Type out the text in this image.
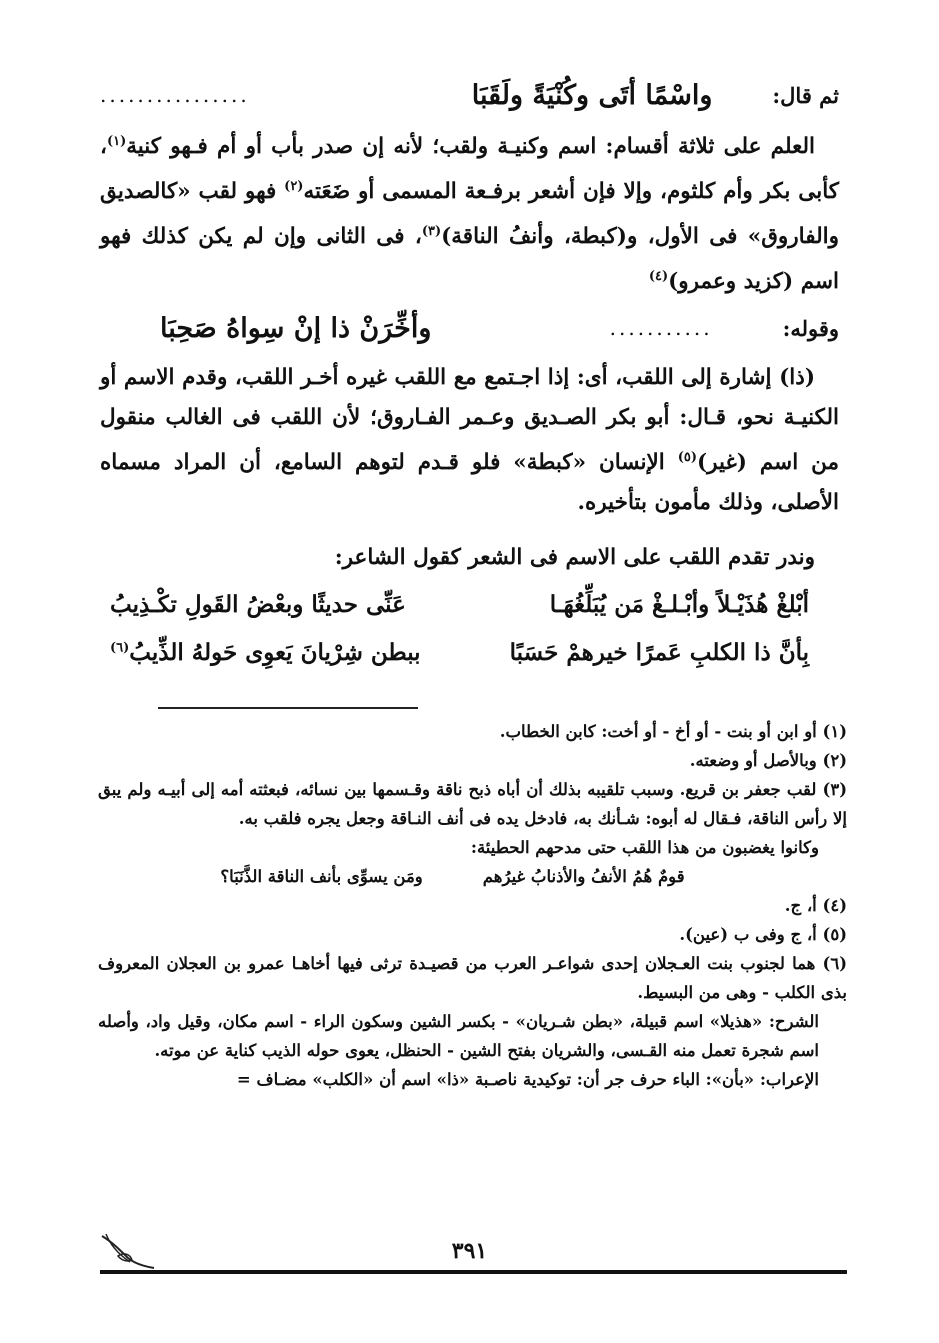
ثم قال:
واسْمًا أتَى وكُنْيَةً ولَقَبَا
................
العلم على ثلاثة أقسام: اسم وكنيـة ولقب؛ لأنه إن صدر بأب أو أم فـهو كنية$^{(١)}$، كأبى بكر وأم كلثوم، وإلا فإن أشعر برفـعة المسمى أو ضَعَته$^{(٢)}$ فهو لقب «كالصديق والفاروق» فى الأول، و(كبطة، وأنفُ الناقة)$^{(٣)}$، فى الثانى وإن لم يكن كذلك فهو اسم (كزيد وعمرو)$^{(٤)}$
وقوله:
...........
وأخِّرَنْ ذا إنْ سِواهُ صَحِبَا
(ذا) إشارة إلى اللقب، أى: إذا اجـتمع مع اللقب غيره أخـر اللقب، وقدم الاسم أو الكنيـة نحو، قـال: أبو بكر الصـديق وعـمر الفـاروق؛ لأن اللقب فى الغالب منقول من اسم (غير)$^{(٥)}$ الإنسان «كبطة» فلو قـدم لتوهم السامع، أن المراد مسماه الأصلى، وذلك مأمون بتأخيره.
وندر تقدم اللقب على الاسم فى الشعر كقول الشاعر:
أبْلغْ هُذَيْـلاً وأبْـلـغْ مَن يُبَلِّغُهَـا
عَنِّى حديثًا وبعْضُ القَولِ تكْـذِيبُ
بِأنَّ ذا الكلبِ عَمرًا خيرهمْ حَسَبًا
ببطن شِرْيانَ يَعوِى حَولهُ الذِّيبُ$^{(٦)}$
(١) أو ابن أو بنت - أو أخ - أو أخت: كابن الخطاب.
(٢) وبالأصل أو وضعته.
(٣) لقب جعفر بن قريع. وسبب تلقيبه بذلك أن أباه ذبح ناقة وقـسمها بين نسائه، فبعثته أمه إلى أبيـه ولم يبق إلا رأس الناقة، فـقال له أبوه: شـأنك به، فادخل يده فى أنف النـاقة وجعل يجره فلقب به.
وكانوا يغضبون من هذا اللقب حتى مدحهم الحطيئة:
قومٌ هُمُ الأنفُ والأذنابُ غيرُهم
ومَن يسوِّى بأنف الناقة الذَّنَبَا؟
(٤) أ، ج.
(٥) أ، ج وفى ب (عين).
(٦) هما لجنوب بنت العـجلان إحدى شواعـر العرب من قصيـدة ترثى فيها أخاهـا عمرو بن العجلان المعروف بذى الكلب - وهى من البسيط.
الشرح: «هذيلا» اسم قبيلة، «بطن شـريان» - بكسر الشين وسكون الراء - اسم مكان، وقيل واد، وأصله اسم شجرة تعمل منه القـسى، والشريان بفتح الشين - الحنظل، يعوى حوله الذيب كناية عن موته.
الإعراب: «بأن»: الباء حرف جر أن: توكيدية ناصـبة «ذا» اسم أن «الكلب» مضـاف =
٣٩١
